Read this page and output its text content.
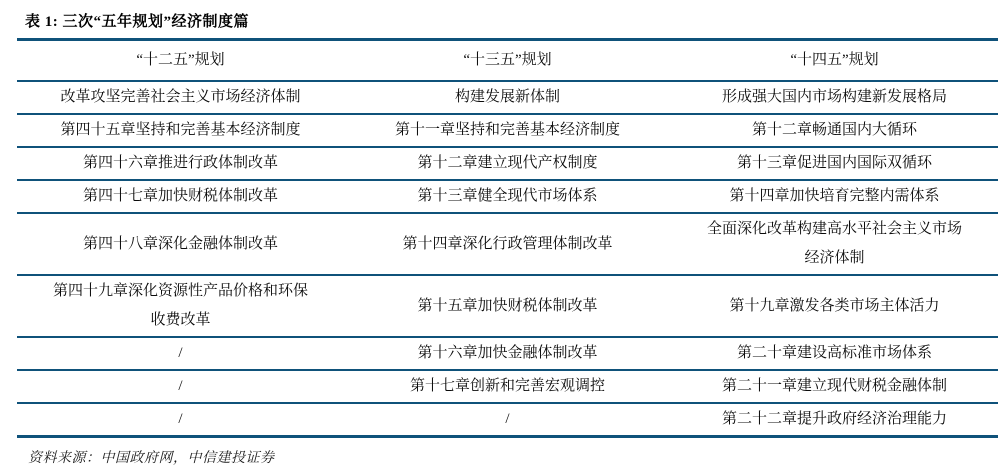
表 1: 三次“五年规划”经济制度篇
“十二五”规划	“十三五”规划	“十四五”规划
改革攻坚完善社会主义市场经济体制	构建发展新体制	形成强大国内市场构建新发展格局
第四十五章坚持和完善基本经济制度	第十一章坚持和完善基本经济制度	第十二章畅通国内大循环
第四十六章推进行政体制改革	第十二章建立现代产权制度	第十三章促进国内国际双循环
第四十七章加快财税体制改革	第十三章健全现代市场体系	第十四章加快培育完整内需体系
第四十八章深化金融体制改革	第十四章深化行政管理体制改革	全面深化改革构建高水平社会主义市场经济体制
第四十九章深化资源性产品价格和环保收费改革	第十五章加快财税体制改革	第十九章激发各类市场主体活力
/	第十六章加快金融体制改革	第二十章建设高标准市场体系
/	第十七章创新和完善宏观调控	第二十一章建立现代财税金融体制
/	/	第二十二章提升政府经济治理能力
资料来源：中国政府网，中信建投证券
